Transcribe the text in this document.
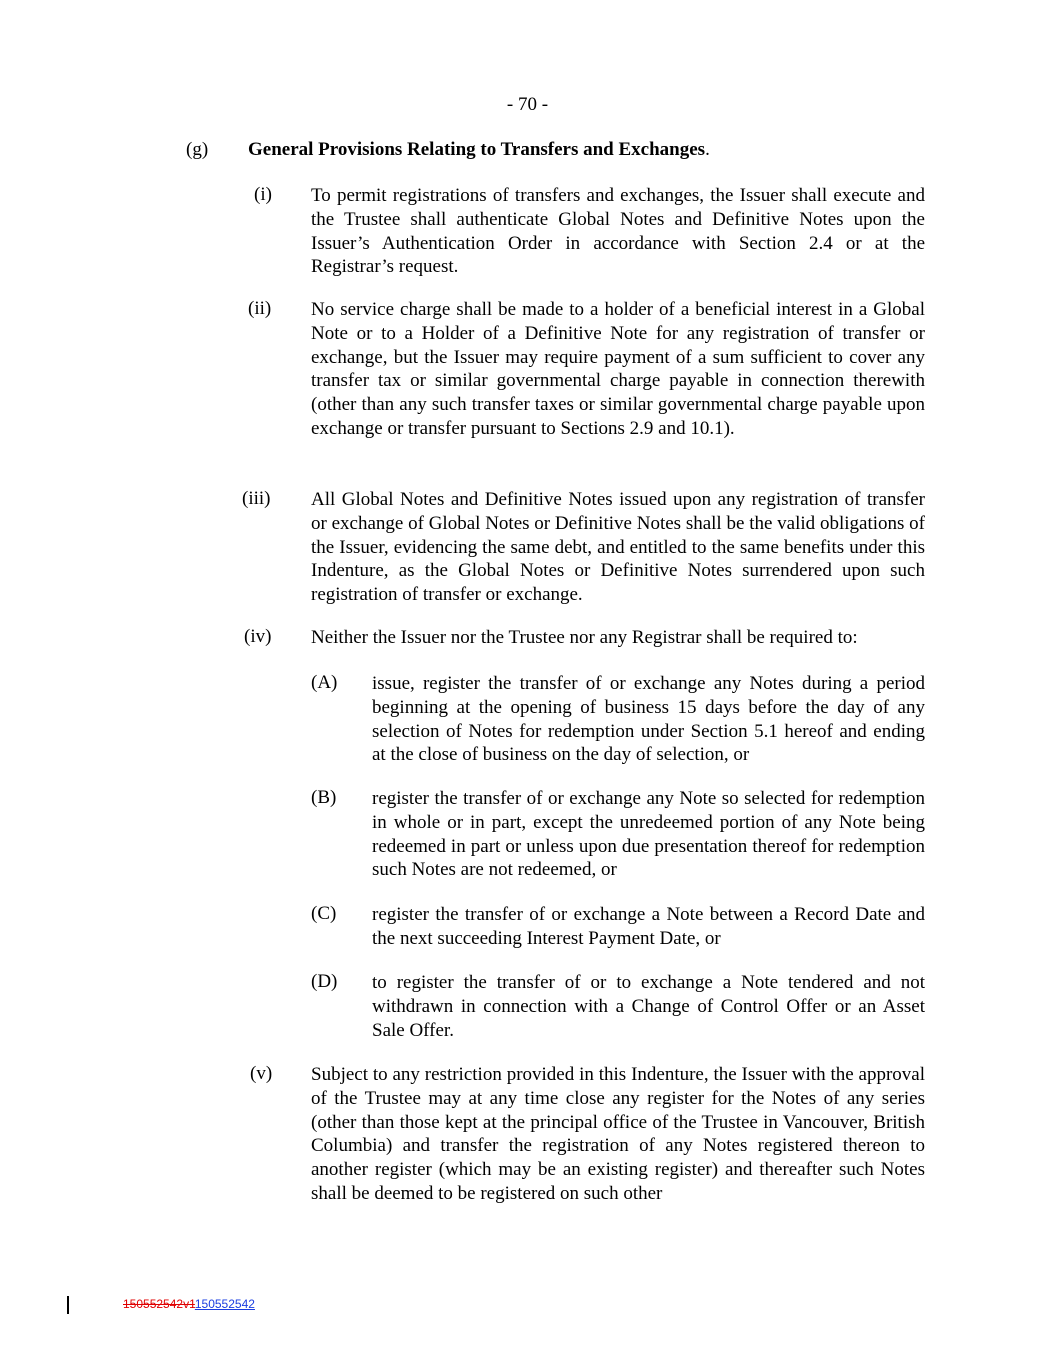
- 70 -
(g) General Provisions Relating to Transfers and Exchanges.
(i) To permit registrations of transfers and exchanges, the Issuer shall execute and the Trustee shall authenticate Global Notes and Definitive Notes upon the Issuer’s Authentication Order in accordance with Section 2.4 or at the Registrar’s request.
(ii) No service charge shall be made to a holder of a beneficial interest in a Global Note or to a Holder of a Definitive Note for any registration of transfer or exchange, but the Issuer may require payment of a sum sufficient to cover any transfer tax or similar governmental charge payable in connection therewith (other than any such transfer taxes or similar governmental charge payable upon exchange or transfer pursuant to Sections 2.9 and 10.1).
(iii) All Global Notes and Definitive Notes issued upon any registration of transfer or exchange of Global Notes or Definitive Notes shall be the valid obligations of the Issuer, evidencing the same debt, and entitled to the same benefits under this Indenture, as the Global Notes or Definitive Notes surrendered upon such registration of transfer or exchange.
(iv) Neither the Issuer nor the Trustee nor any Registrar shall be required to:
(A) issue, register the transfer of or exchange any Notes during a period beginning at the opening of business 15 days before the day of any selection of Notes for redemption under Section 5.1 hereof and ending at the close of business on the day of selection, or
(B) register the transfer of or exchange any Note so selected for redemption in whole or in part, except the unredeemed portion of any Note being redeemed in part or unless upon due presentation thereof for redemption such Notes are not redeemed, or
(C) register the transfer of or exchange a Note between a Record Date and the next succeeding Interest Payment Date, or
(D) to register the transfer of or to exchange a Note tendered and not withdrawn in connection with a Change of Control Offer or an Asset Sale Offer.
(v) Subject to any restriction provided in this Indenture, the Issuer with the approval of the Trustee may at any time close any register for the Notes of any series (other than those kept at the principal office of the Trustee in Vancouver, British Columbia) and transfer the registration of any Notes registered thereon to another register (which may be an existing register) and thereafter such Notes shall be deemed to be registered on such other
150552542v1150552542
